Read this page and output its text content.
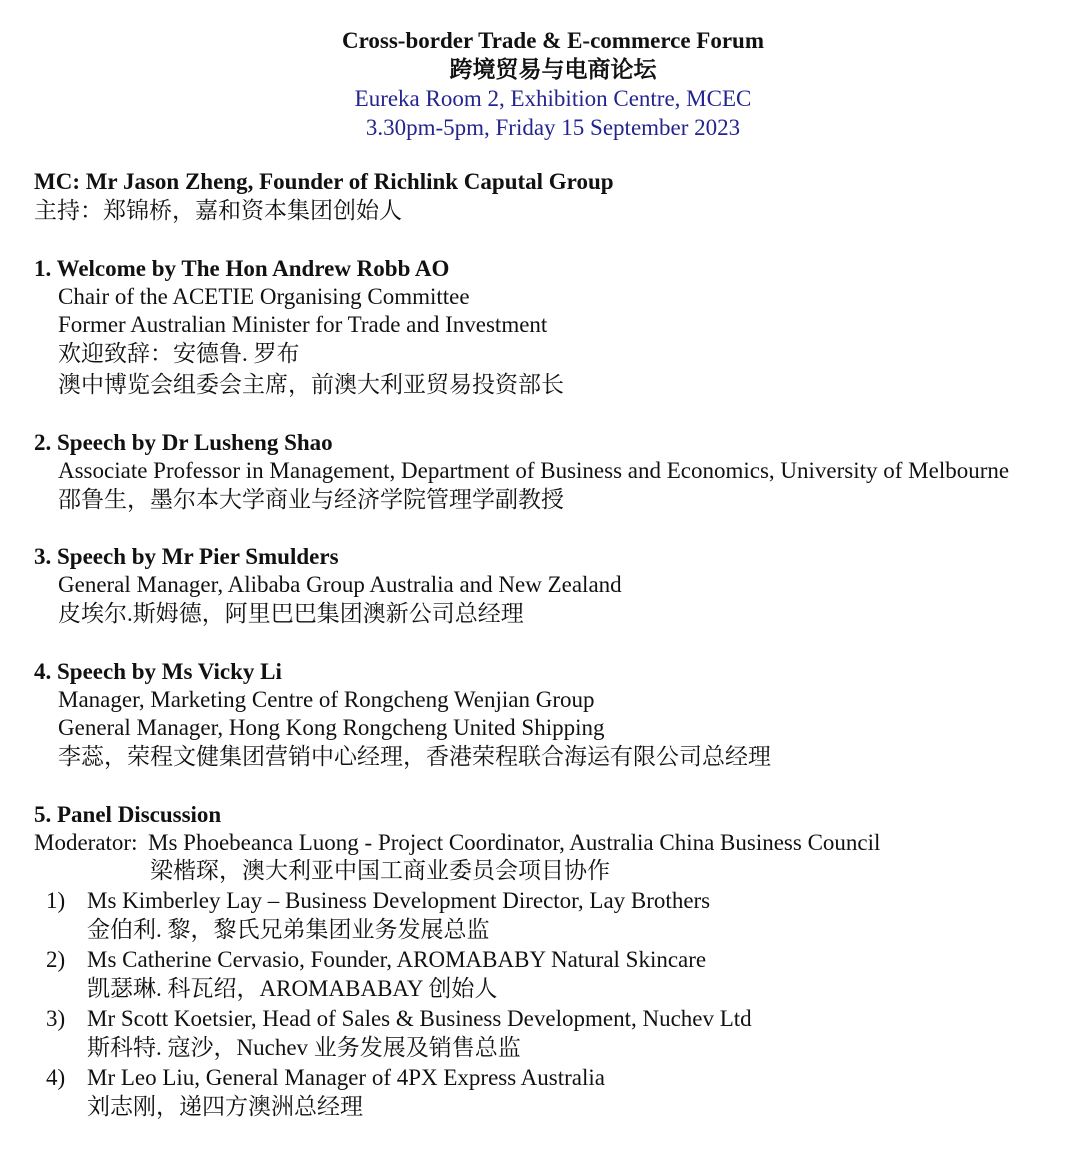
Cross-border Trade & E-commerce Forum
跨境贸易与电商论坛
Eureka Room 2, Exhibition Centre, MCEC
3.30pm-5pm, Friday 15 September 2023
MC: Mr Jason Zheng, Founder of Richlink Caputal Group
主持：郑锦桥，嘉和资本集团创始人
1. Welcome by The Hon Andrew Robb AO
Chair of the ACETIE Organising Committee
Former Australian Minister for Trade and Investment
欢迎致辞：安德鲁. 罗布
澳中博览会组委会主席，前澳大利亚贸易投资部长
2. Speech by Dr Lusheng Shao
Associate Professor in Management, Department of Business and Economics, University of Melbourne
邵鲁生，墨尔本大学商业与经济学院管理学副教授
3. Speech by Mr Pier Smulders
General Manager, Alibaba Group Australia and New Zealand
皮埃尔.斯姆德，阿里巴巴集团澳新公司总经理
4. Speech by Ms Vicky Li
Manager, Marketing Centre of Rongcheng Wenjian Group
General Manager, Hong Kong Rongcheng United Shipping
李蕊，荣程文健集团营销中心经理，香港荣程联合海运有限公司总经理
5. Panel Discussion
Moderator: Ms Phoebeanca Luong - Project Coordinator, Australia China Business Council
梁楷琛，澳大利亚中国工商业委员会项目协作
1) Ms Kimberley Lay – Business Development Director, Lay Brothers
金伯利. 黎，黎氏兄弟集团业务发展总监
2) Ms Catherine Cervasio, Founder, AROMABABY Natural Skincare
凯瑟琳. 科瓦绍，AROMABABAY 创始人
3) Mr Scott Koetsier, Head of Sales & Business Development, Nuchev Ltd
斯科特. 寇沙，Nuchev 业务发展及销售总监
4) Mr Leo Liu, General Manager of 4PX Express Australia
刘志刚，递四方澳洲总经理
